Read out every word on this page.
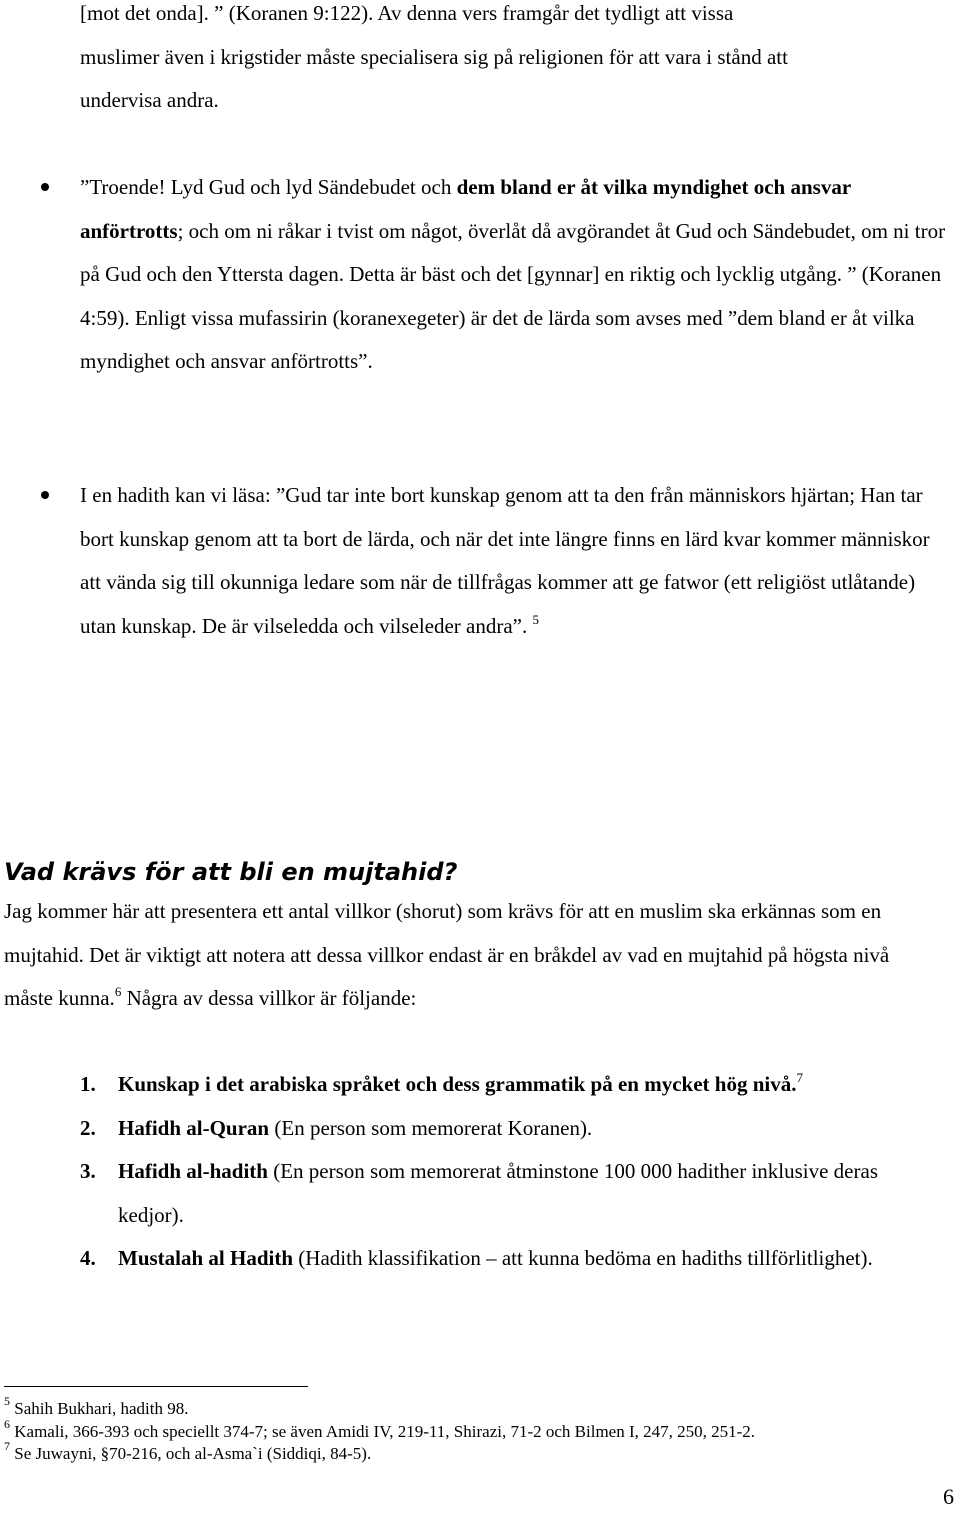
[mot det onda]. ” (Koranen 9:122). Av denna vers framgår det tydligt att vissa
muslimer även i krigstider måste specialisera sig på religionen för att vara i stånd att
undervisa andra.

”Troende! Lyd Gud och lyd Sändebudet och dem bland er åt vilka myndighet och ansvar anförtrotts; och om ni råkar i tvist om något, överlåt då avgörandet åt Gud och Sändebudet, om ni tror på Gud och den Yttersta dagen. Detta är bäst och det [gynnar] en riktig och lycklig utgång. ” (Koranen 4:59). Enligt vissa mufassirin (koranexegeter) är det de lärda som avses med ”dem bland er åt vilka myndighet och ansvar anförtrotts”.

I en hadith kan vi läsa: ”Gud tar inte bort kunskap genom att ta den från människors hjärtan; Han tar bort kunskap genom att ta bort de lärda, och när det inte längre finns en lärd kvar kommer människor att vända sig till okunniga ledare som när de tillfrågas kommer att ge fatwor (ett religiöst utlåtande) utan kunskap. De är vilseledda och vilseleder andra”. $^5$

Vad krävs för att bli en mujtahid?

Jag kommer här att presentera ett antal villkor (shorut) som krävs för att en muslim ska erkännas som en mujtahid. Det är viktigt att notera att dessa villkor endast är en bråkdel av vad en mujtahid på högsta nivå måste kunna.$^6$ Några av dessa villkor är följande:

1. Kunskap i det arabiska språket och dess grammatik på en mycket hög nivå.$^7$
2. Hafidh al-Quran (En person som memorerat Koranen).
3. Hafidh al-hadith (En person som memorerat åtminstone 100 000 hadither inklusive deras kedjor).
4. Mustalah al Hadith (Hadith klassifikation – att kunna bedöma en hadiths tillförlitlighet).
$^5$ Sahih Bukhari, hadith 98.
$^6$ Kamali, 366-393 och speciellt 374-7; se även Amidi IV, 219-11, Shirazi, 71-2 och Bilmen I, 247, 250, 251-2.
$^7$ Se Juwayni, §70-216, och al-Asma`i (Siddiqi, 84-5).
6
